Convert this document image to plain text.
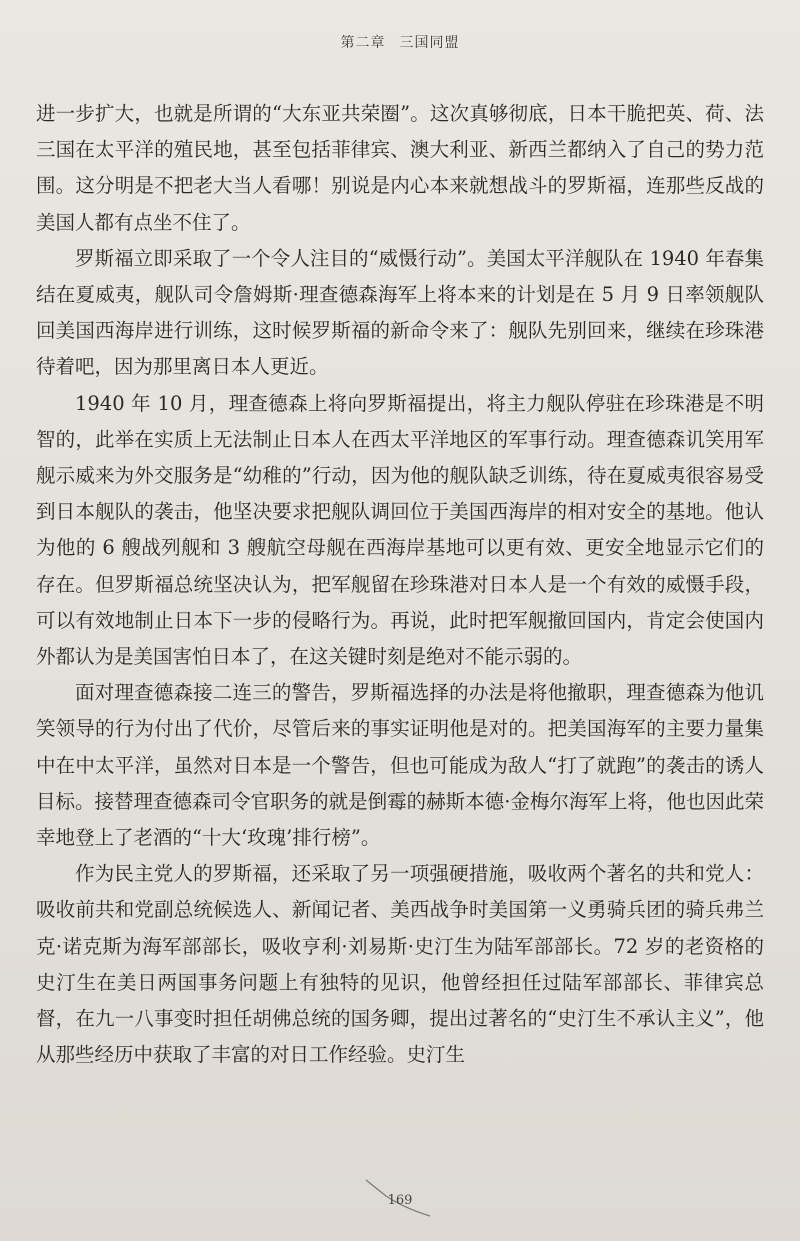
第二章 三国同盟

进一步扩大，也就是所谓的“大东亚共荣圈”。这次真够彻底，日本干脆把英、荷、法三国在太平洋的殖民地，甚至包括菲律宾、澳大利亚、新西兰都纳入了自己的势力范围。这分明是不把老大当人看哪！别说是内心本来就想战斗的罗斯福，连那些反战的美国人都有点坐不住了。

罗斯福立即采取了一个令人注目的“威慑行动”。美国太平洋舰队在 1940 年春集结在夏威夷，舰队司令詹姆斯·理查德森海军上将本来的计划是在 5 月 9 日率领舰队回美国西海岸进行训练，这时候罗斯福的新命令来了：舰队先别回来，继续在珍珠港待着吧，因为那里离日本人更近。

1940 年 10 月，理查德森上将向罗斯福提出，将主力舰队停驻在珍珠港是不明智的，此举在实质上无法制止日本人在西太平洋地区的军事行动。理查德森讥笑用军舰示威来为外交服务是“幼稚的”行动，因为他的舰队缺乏训练，待在夏威夷很容易受到日本舰队的袭击，他坚决要求把舰队调回位于美国西海岸的相对安全的基地。他认为他的 6 艘战列舰和 3 艘航空母舰在西海岸基地可以更有效、更安全地显示它们的存在。但罗斯福总统坚决认为，把军舰留在珍珠港对日本人是一个有效的威慑手段，可以有效地制止日本下一步的侵略行为。再说，此时把军舰撤回国内，肯定会使国内外都认为是美国害怕日本了，在这关键时刻是绝对不能示弱的。

面对理查德森接二连三的警告，罗斯福选择的办法是将他撤职，理查德森为他讥笑领导的行为付出了代价，尽管后来的事实证明他是对的。把美国海军的主要力量集中在中太平洋，虽然对日本是一个警告，但也可能成为敌人“打了就跑”的袭击的诱人目标。接替理查德森司令官职务的就是倒霉的赫斯本德·金梅尔海军上将，他也因此荣幸地登上了老酒的“十大‘玫瑰’排行榜”。

作为民主党人的罗斯福，还采取了另一项强硬措施，吸收两个著名的共和党人：吸收前共和党副总统候选人、新闻记者、美西战争时美国第一义勇骑兵团的骑兵弗兰克·诺克斯为海军部部长，吸收亨利·刘易斯·史汀生为陆军部部长。72 岁的老资格的史汀生在美日两国事务问题上有独特的见识，他曾经担任过陆军部部长、菲律宾总督，在九一八事变时担任胡佛总统的国务卿，提出过著名的“史汀生不承认主义”，他从那些经历中获取了丰富的对日工作经验。史汀生

169
